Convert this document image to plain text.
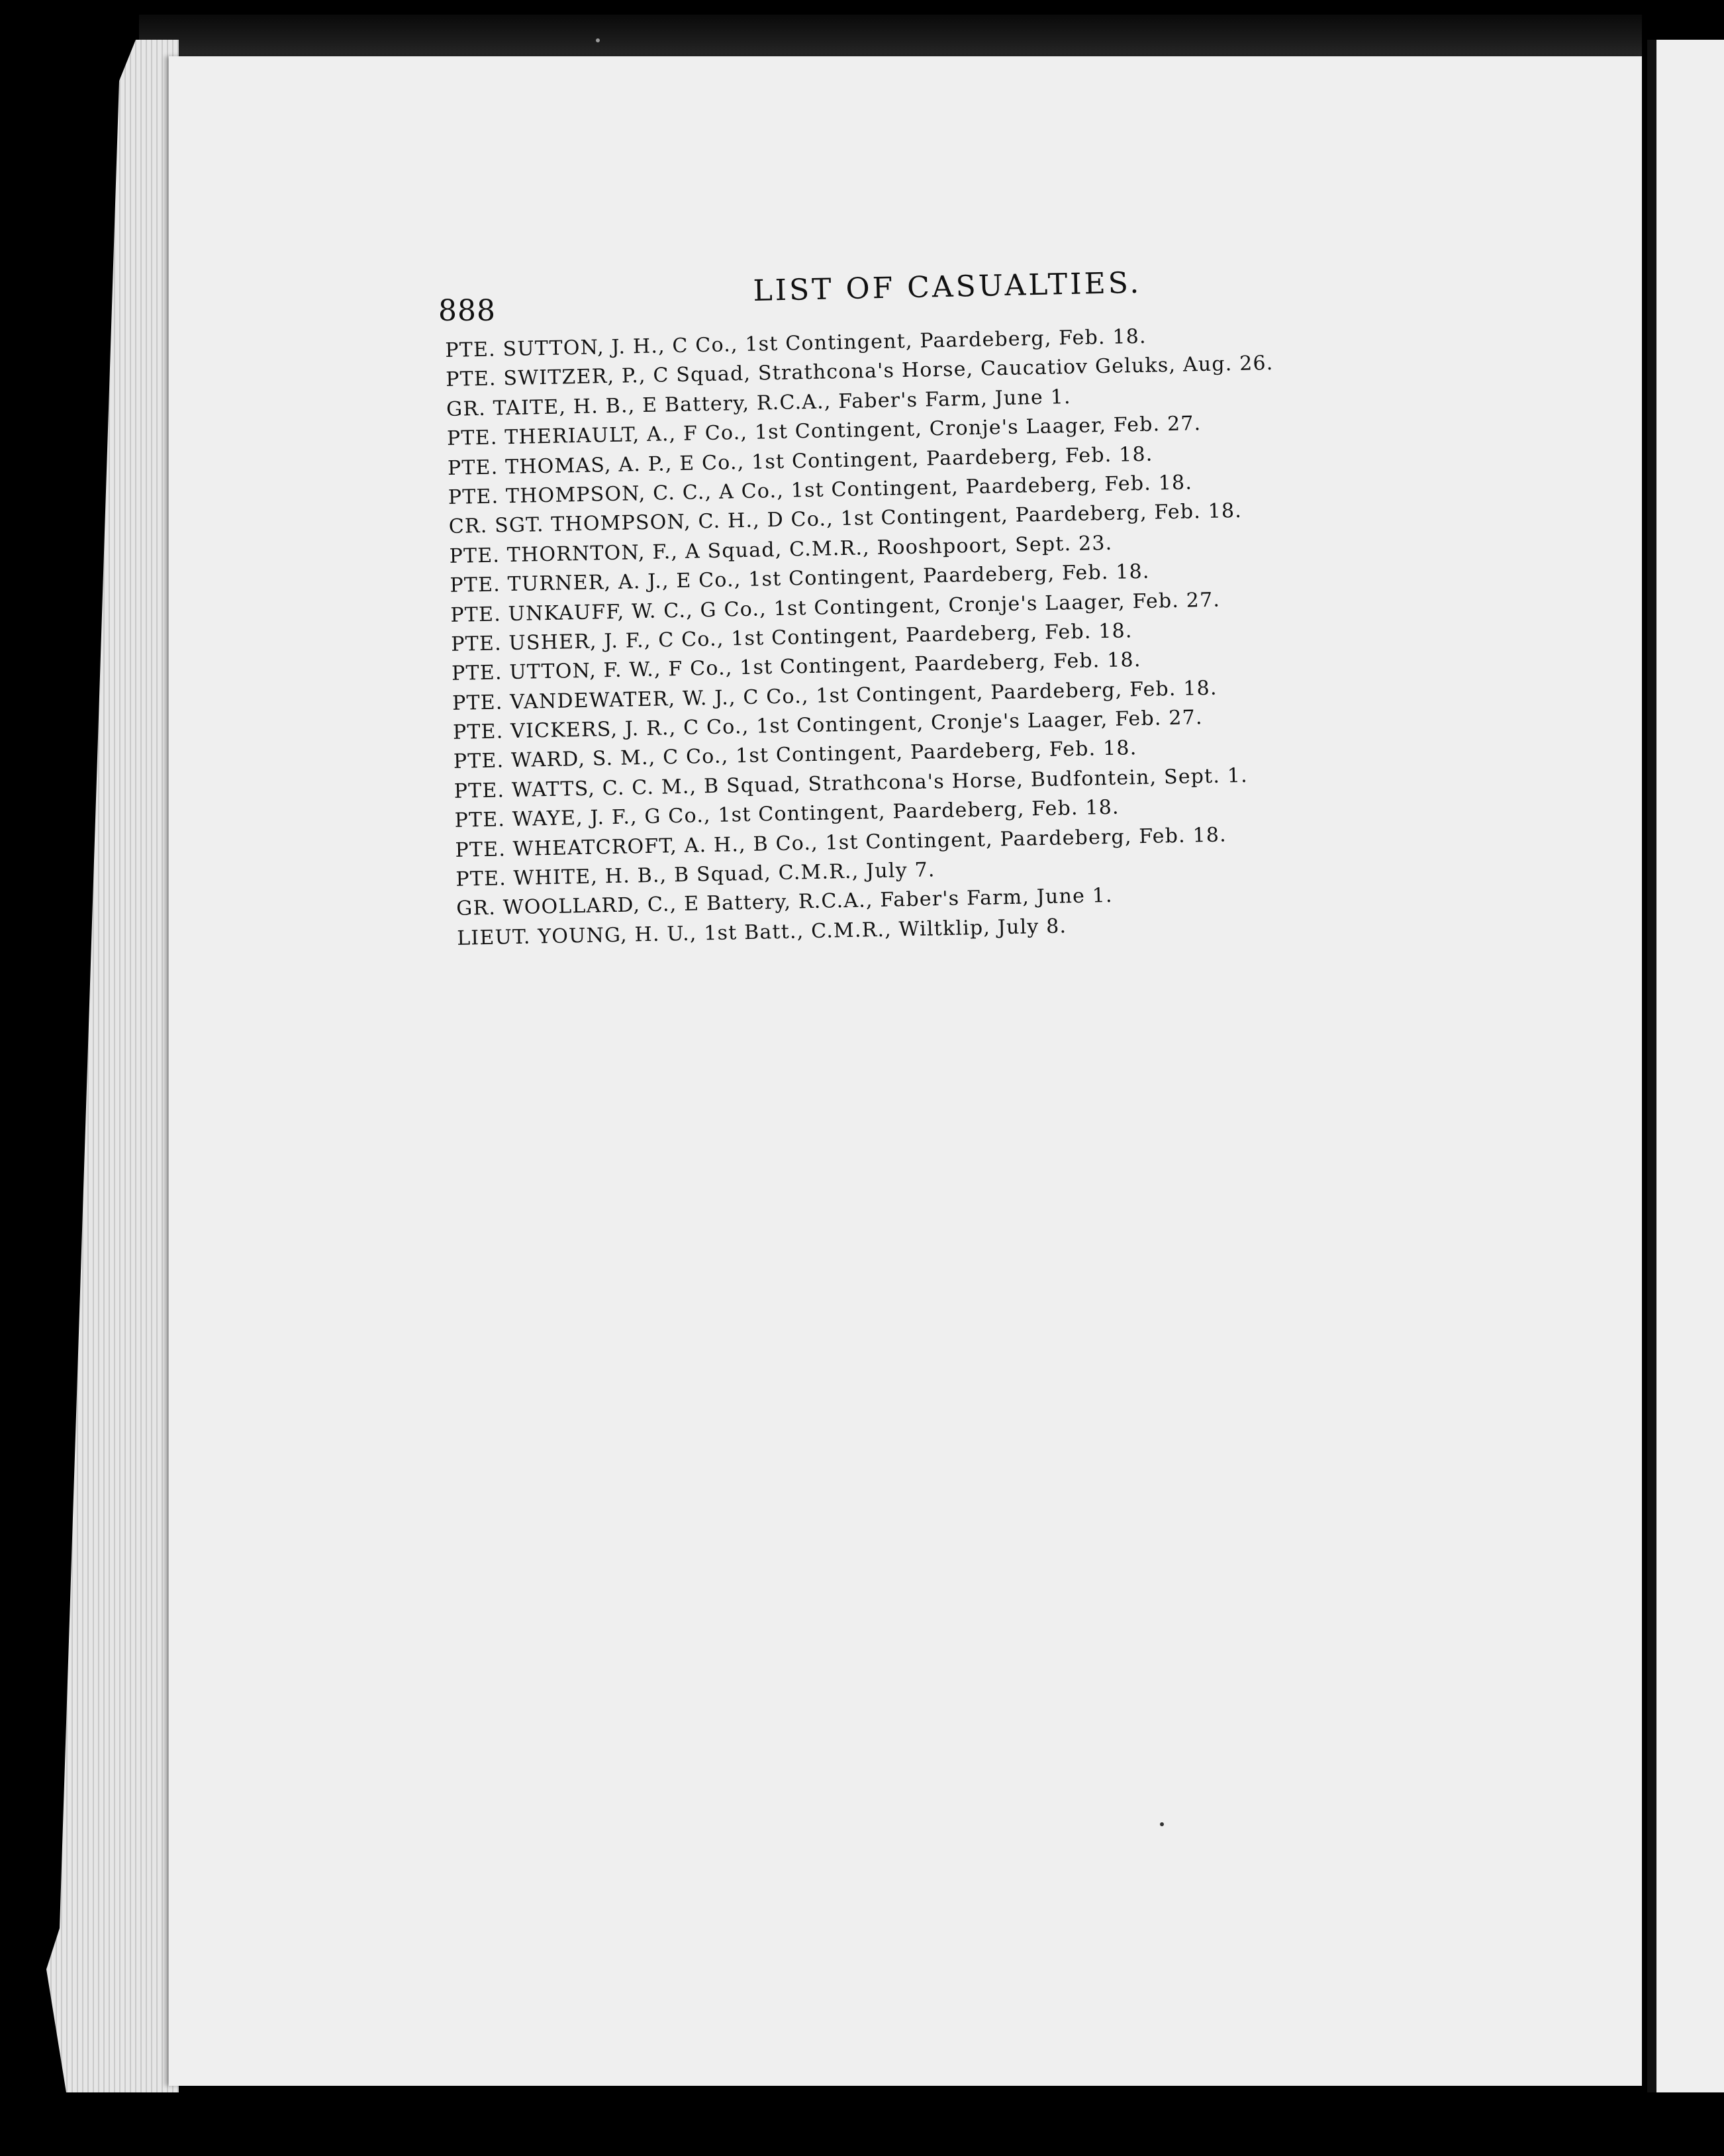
888
LIST OF CASUALTIES.
PTE. SUTTON, J. H., C Co., 1st Contingent, Paardeberg, Feb. 18.
PTE. SWITZER, P., C Squad, Strathcona's Horse, Caucatiov Geluks, Aug. 26.
GR. TAITE, H. B., E Battery, R.C.A., Faber's Farm, June 1.
PTE. THERIAULT, A., F Co., 1st Contingent, Cronje's Laager, Feb. 27.
PTE. THOMAS, A. P., E Co., 1st Contingent, Paardeberg, Feb. 18.
PTE. THOMPSON, C. C., A Co., 1st Contingent, Paardeberg, Feb. 18.
CR. SGT. THOMPSON, C. H., D Co., 1st Contingent, Paardeberg, Feb. 18.
PTE. THORNTON, F., A Squad, C.M.R., Rooshpoort, Sept. 23.
PTE. TURNER, A. J., E Co., 1st Contingent, Paardeberg, Feb. 18.
PTE. UNKAUFF, W. C., G Co., 1st Contingent, Cronje's Laager, Feb. 27.
PTE. USHER, J. F., C Co., 1st Contingent, Paardeberg, Feb. 18.
PTE. UTTON, F. W., F Co., 1st Contingent, Paardeberg, Feb. 18.
PTE. VANDEWATER, W. J., C Co., 1st Contingent, Paardeberg, Feb. 18.
PTE. VICKERS, J. R., C Co., 1st Contingent, Cronje's Laager, Feb. 27.
PTE. WARD, S. M., C Co., 1st Contingent, Paardeberg, Feb. 18.
PTE. WATTS, C. C. M., B Squad, Strathcona's Horse, Budfontein, Sept. 1.
PTE. WAYE, J. F., G Co., 1st Contingent, Paardeberg, Feb. 18.
PTE. WHEATCROFT, A. H., B Co., 1st Contingent, Paardeberg, Feb. 18.
PTE. WHITE, H. B., B Squad, C.M.R., July 7.
GR. WOOLLARD, C., E Battery, R.C.A., Faber's Farm, June 1.
LIEUT. YOUNG, H. U., 1st Batt., C.M.R., Wiltklip, July 8.
